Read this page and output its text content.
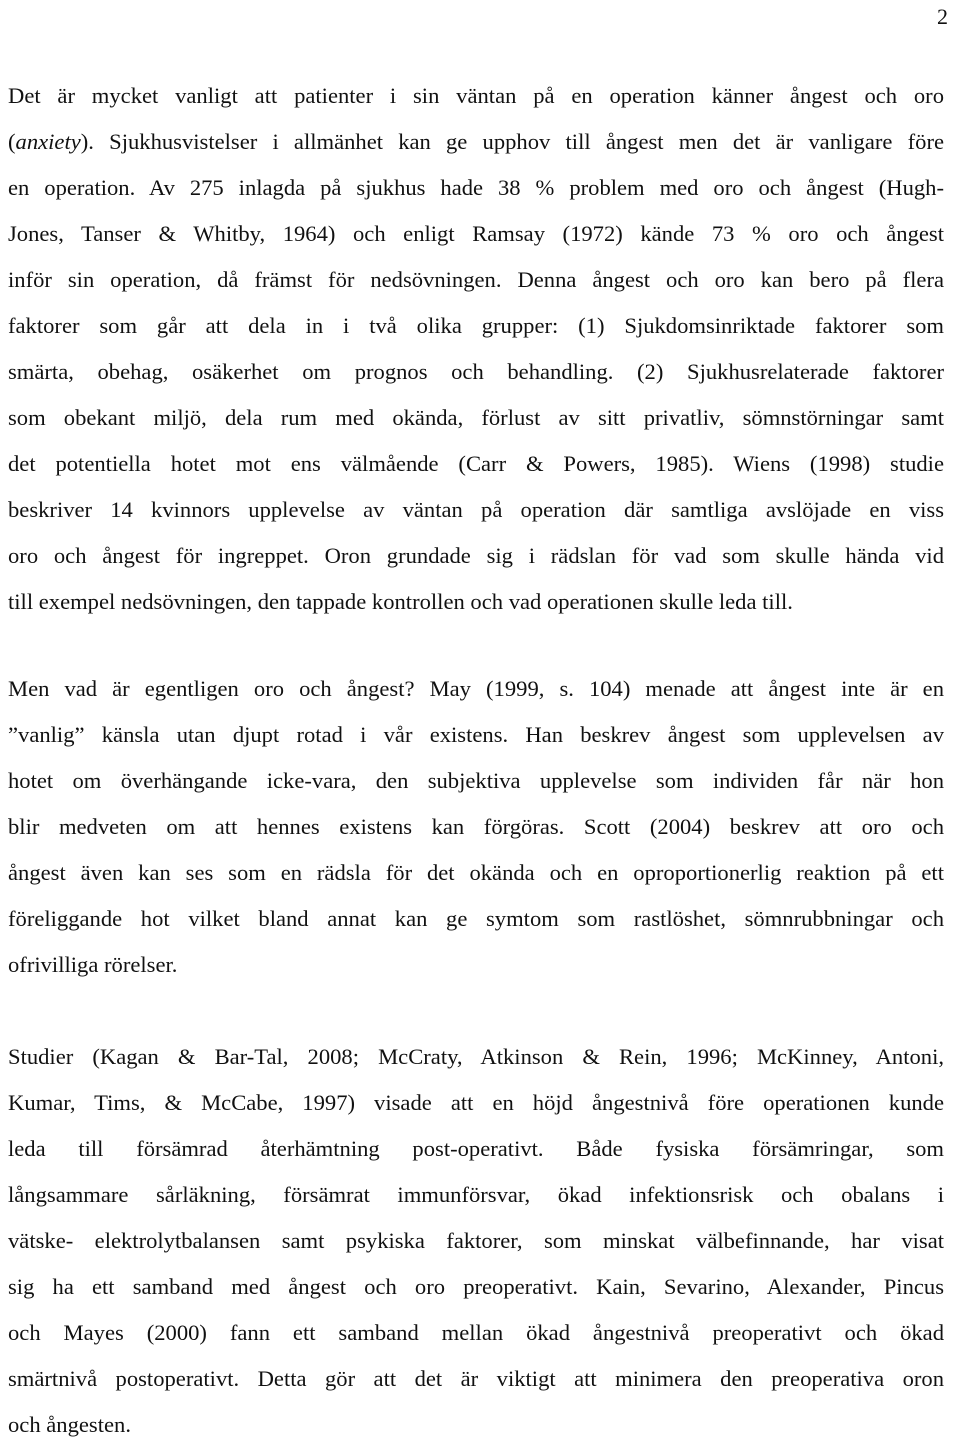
2
Det är mycket vanligt att patienter i sin väntan på en operation känner ångest och oro
(anxiety). Sjukhusvistelser i allmänhet kan ge upphov till ångest men det är vanligare före
en operation. Av 275 inlagda på sjukhus hade 38 % problem med oro och ångest (Hugh-
Jones, Tanser & Whitby, 1964) och enligt Ramsay (1972) kände 73 % oro och ångest
inför sin operation, då främst för nedsövningen. Denna ångest och oro kan bero på flera
faktorer som går att dela in i två olika grupper: (1) Sjukdomsinriktade faktorer som
smärta, obehag, osäkerhet om prognos och behandling. (2) Sjukhusrelaterade faktorer
som obekant miljö, dela rum med okända, förlust av sitt privatliv, sömnstörningar samt
det potentiella hotet mot ens välmående (Carr & Powers, 1985). Wiens (1998) studie
beskriver 14 kvinnors upplevelse av väntan på operation där samtliga avslöjade en viss
oro och ångest för ingreppet. Oron grundade sig i rädslan för vad som skulle hända vid
till exempel nedsövningen, den tappade kontrollen och vad operationen skulle leda till.
Men vad är egentligen oro och ångest? May (1999, s. 104) menade att ångest inte är en
”vanlig” känsla utan djupt rotad i vår existens. Han beskrev ångest som upplevelsen av
hotet om överhängande icke-vara, den subjektiva upplevelse som individen får när hon
blir medveten om att hennes existens kan förgöras. Scott (2004) beskrev att oro och
ångest även kan ses som en rädsla för det okända och en oproportionerlig reaktion på ett
föreliggande hot vilket bland annat kan ge symtom som rastlöshet, sömnrubbningar och
ofrivilliga rörelser.
Studier (Kagan & Bar-Tal, 2008; McCraty, Atkinson & Rein, 1996; McKinney, Antoni,
Kumar, Tims, & McCabe, 1997) visade att en höjd ångestnivå före operationen kunde
leda till försämrad återhämtning post-operativt. Både fysiska försämringar, som
långsammare sårläkning, försämrat immunförsvar, ökad infektionsrisk och obalans i
vätske- elektrolytbalansen samt psykiska faktorer, som minskat välbefinnande, har visat
sig ha ett samband med ångest och oro preoperativt. Kain, Sevarino, Alexander, Pincus
och Mayes (2000) fann ett samband mellan ökad ångestnivå preoperativt och ökad
smärtnivå postoperativt. Detta gör att det är viktigt att minimera den preoperativa oron
och ångesten.
